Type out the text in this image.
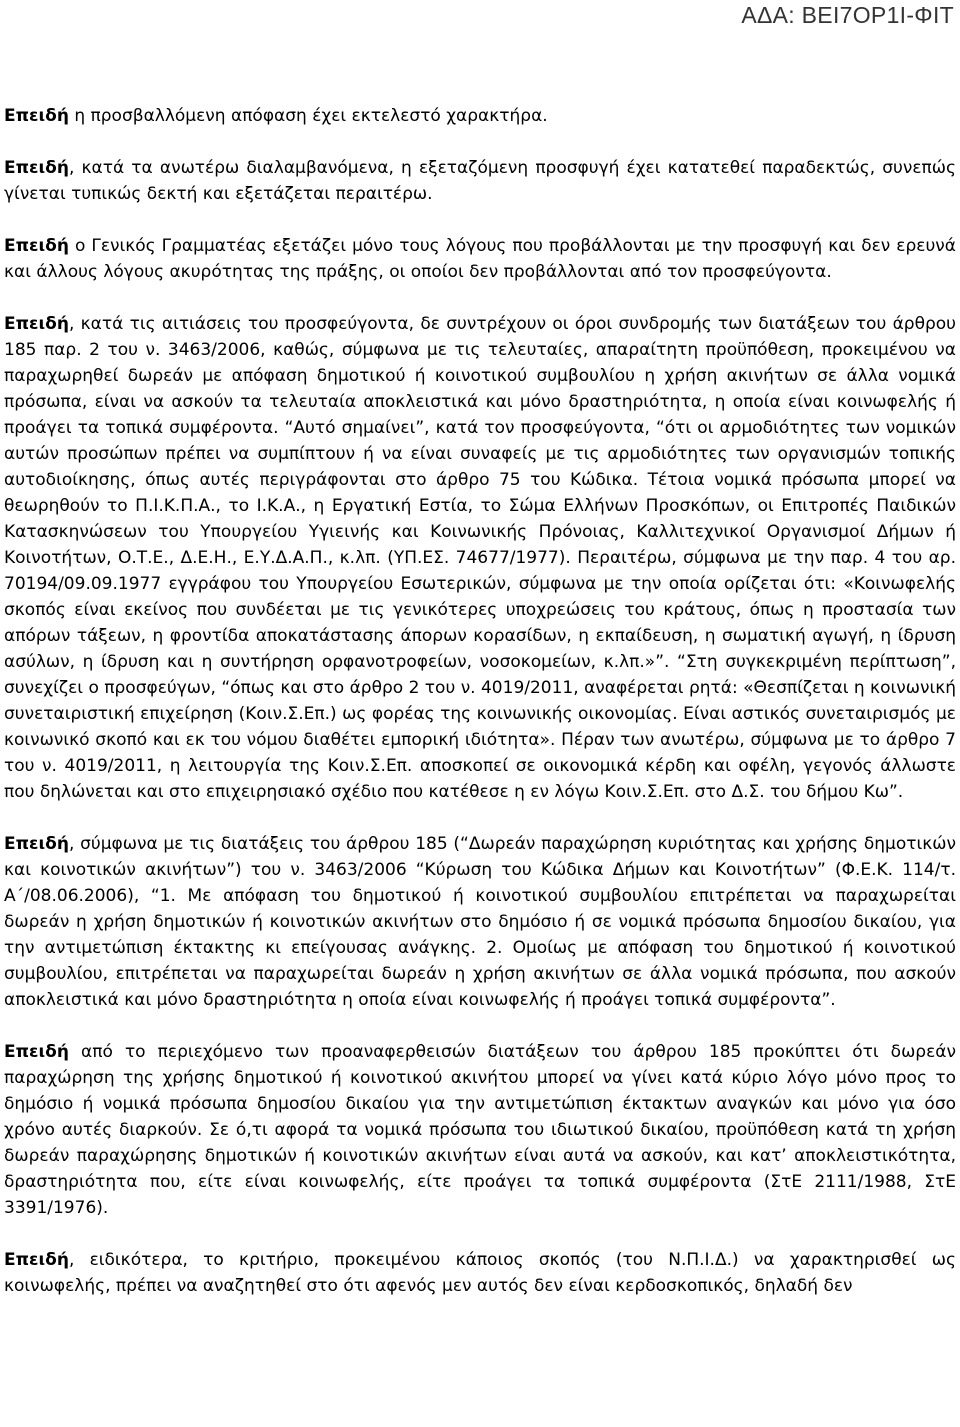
ΑΔΑ: ΒΕΙ7ΟΡ1Ι-ΦΙΤ

Επειδή η προσβαλλόμενη απόφαση έχει εκτελεστό χαρακτήρα.

Επειδή, κατά τα ανωτέρω διαλαμβανόμενα, η εξεταζόμενη προσφυγή έχει κατατεθεί παραδεκτώς, συνεπώς γίνεται τυπικώς δεκτή και εξετάζεται περαιτέρω.

Επειδή ο Γενικός Γραμματέας εξετάζει μόνο τους λόγους που προβάλλονται με την προσφυγή και δεν ερευνά και άλλους λόγους ακυρότητας της πράξης, οι οποίοι δεν προβάλλονται από τον προσφεύγοντα.

Επειδή, κατά τις αιτιάσεις του προσφεύγοντα, δε συντρέχουν οι όροι συνδρομής των διατάξεων του άρθρου 185 παρ. 2 του ν. 3463/2006, καθώς, σύμφωνα με τις τελευταίες, απαραίτητη προϋπόθεση, προκειμένου να παραχωρηθεί δωρεάν με απόφαση δημοτικού ή κοινοτικού συμβουλίου η χρήση ακινήτων σε άλλα νομικά πρόσωπα, είναι να ασκούν τα τελευταία αποκλειστικά και μόνο δραστηριότητα, η οποία είναι κοινωφελής ή προάγει τα τοπικά συμφέροντα. “Αυτό σημαίνει”, κατά τον προσφεύγοντα, “ότι οι αρμοδιότητες των νομικών αυτών προσώπων πρέπει να συμπίπτουν ή να είναι συναφείς με τις αρμοδιότητες των οργανισμών τοπικής αυτοδιοίκησης, όπως αυτές περιγράφονται στο άρθρο 75 του Κώδικα. Τέτοια νομικά πρόσωπα μπορεί να θεωρηθούν το Π.Ι.Κ.Π.Α., το Ι.Κ.Α., η Εργατική Εστία, το Σώμα Ελλήνων Προσκόπων, οι Επιτροπές Παιδικών Κατασκηνώσεων του Υπουργείου Υγιεινής και Κοινωνικής Πρόνοιας, Καλλιτεχνικοί Οργανισμοί Δήμων ή Κοινοτήτων, Ο.Τ.Ε., Δ.Ε.Η., Ε.Υ.Δ.Α.Π., κ.λπ. (ΥΠ.ΕΣ. 74677/1977). Περαιτέρω, σύμφωνα με την παρ. 4 του αρ. 70194/09.09.1977 εγγράφου του Υπουργείου Εσωτερικών, σύμφωνα με την οποία ορίζεται ότι: «Κοινωφελής σκοπός είναι εκείνος που συνδέεται με τις γενικότερες υποχρεώσεις του κράτους, όπως η προστασία των απόρων τάξεων, η φροντίδα αποκατάστασης άπορων κορασίδων, η εκπαίδευση, η σωματική αγωγή, η ίδρυση ασύλων, η ίδρυση και η συντήρηση ορφανοτροφείων, νοσοκομείων, κ.λπ.»”. “Στη συγκεκριμένη περίπτωση”, συνεχίζει ο προσφεύγων, “όπως και στο άρθρο 2 του ν. 4019/2011, αναφέρεται ρητά: «Θεσπίζεται η κοινωνική συνεταιριστική επιχείρηση (Κοιν.Σ.Επ.) ως φορέας της κοινωνικής οικονομίας. Είναι αστικός συνεταιρισμός με κοινωνικό σκοπό και εκ του νόμου διαθέτει εμπορική ιδιότητα». Πέραν των ανωτέρω, σύμφωνα με το άρθρο 7 του ν. 4019/2011, η λειτουργία της Κοιν.Σ.Επ. αποσκοπεί σε οικονομικά κέρδη και οφέλη, γεγονός άλλωστε που δηλώνεται και στο επιχειρησιακό σχέδιο που κατέθεσε η εν λόγω Κοιν.Σ.Επ. στο Δ.Σ. του δήμου Κω”.

Επειδή, σύμφωνα με τις διατάξεις του άρθρου 185 (“Δωρεάν παραχώρηση κυριότητας και χρήσης δημοτικών και κοινοτικών ακινήτων”) του ν. 3463/2006 “Κύρωση του Κώδικα Δήμων και Κοινοτήτων” (Φ.Ε.Κ. 114/τ. Α΄/08.06.2006), “1. Με απόφαση του δημοτικού ή κοινοτικού συμβουλίου επιτρέπεται να παραχωρείται δωρεάν η χρήση δημοτικών ή κοινοτικών ακινήτων στο δημόσιο ή σε νομικά πρόσωπα δημοσίου δικαίου, για την αντιμετώπιση έκτακτης κι επείγουσας ανάγκης. 2. Ομοίως με απόφαση του δημοτικού ή κοινοτικού συμβουλίου, επιτρέπεται να παραχωρείται δωρεάν η χρήση ακινήτων σε άλλα νομικά πρόσωπα, που ασκούν αποκλειστικά και μόνο δραστηριότητα η οποία είναι κοινωφελής ή προάγει τοπικά συμφέροντα”.

Επειδή από το περιεχόμενο των προαναφερθεισών διατάξεων του άρθρου 185 προκύπτει ότι δωρεάν παραχώρηση της χρήσης δημοτικού ή κοινοτικού ακινήτου μπορεί να γίνει κατά κύριο λόγο μόνο προς το δημόσιο ή νομικά πρόσωπα δημοσίου δικαίου για την αντιμετώπιση έκτακτων αναγκών και μόνο για όσο χρόνο αυτές διαρκούν. Σε ό,τι αφορά τα νομικά πρόσωπα του ιδιωτικού δικαίου, προϋπόθεση κατά τη χρήση δωρεάν παραχώρησης δημοτικών ή κοινοτικών ακινήτων είναι αυτά να ασκούν, και κατ’ αποκλειστικότητα, δραστηριότητα που, είτε είναι κοινωφελής, είτε προάγει τα τοπικά συμφέροντα (ΣτΕ 2111/1988, ΣτΕ 3391/1976).

Επειδή, ειδικότερα, το κριτήριο, προκειμένου κάποιος σκοπός (του Ν.Π.Ι.Δ.) να χαρακτηρισθεί ως κοινωφελής, πρέπει να αναζητηθεί στο ότι αφενός μεν αυτός δεν είναι κερδοσκοπικός, δηλαδή δεν
